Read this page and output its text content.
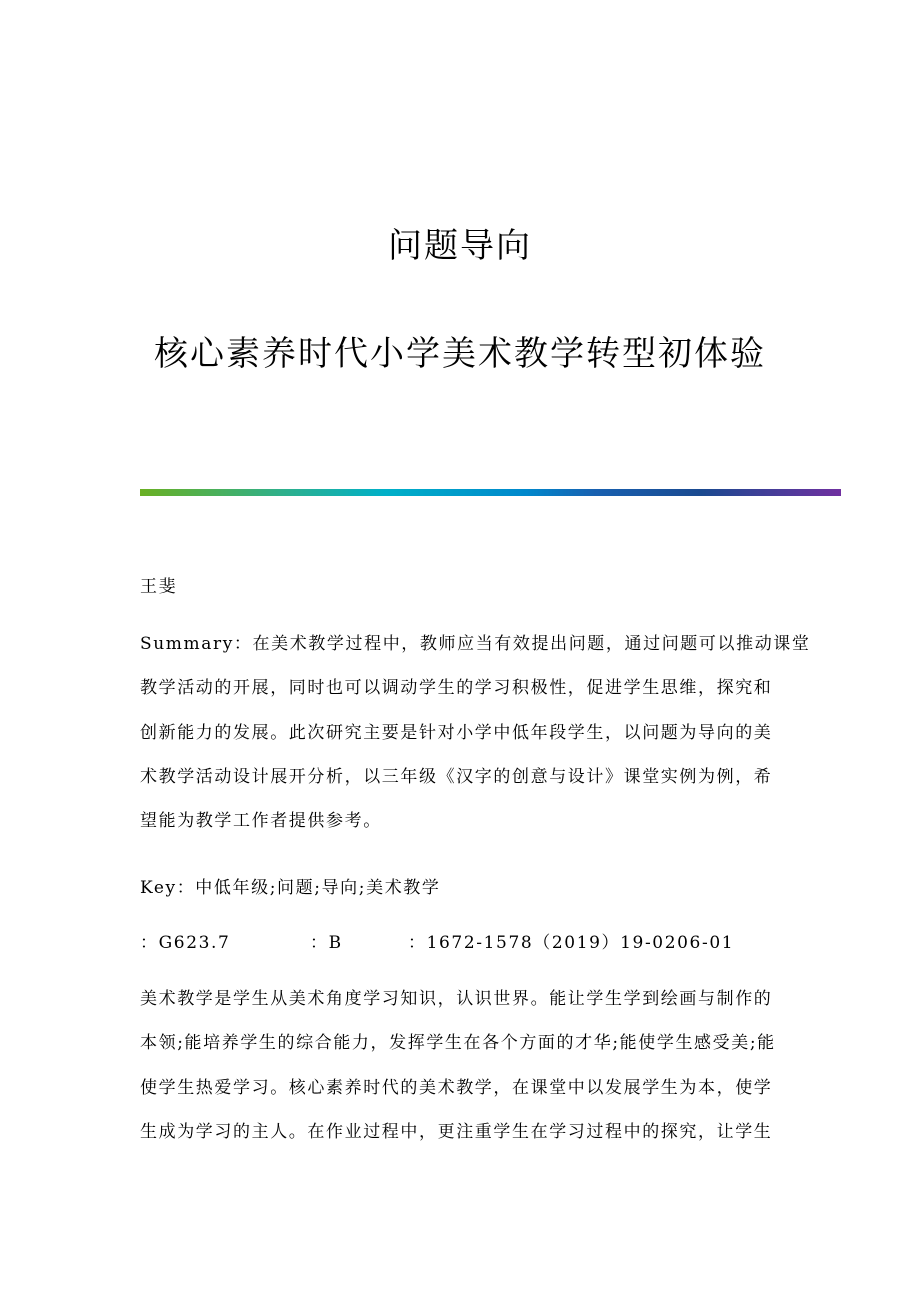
问题导向
核心素养时代小学美术教学转型初体验
王斐
Summary：在美术教学过程中，教师应当有效提出问题，通过问题可以推动课堂
教学活动的开展，同时也可以调动学生的学习积极性，促进学生思维，探究和
创新能力的发展。此次研究主要是针对小学中低年段学生，以问题为导向的美
术教学活动设计展开分析，以三年级《汉字的创意与设计》课堂实例为例，希
望能为教学工作者提供参考。
Key：中低年级;问题;导向;美术教学
：G623.7	：B	：1672-1578（2019）19-0206-01
美术教学是学生从美术角度学习知识，认识世界。能让学生学到绘画与制作的
本领;能培养学生的综合能力，发挥学生在各个方面的才华;能使学生感受美;能
使学生热爱学习。核心素养时代的美术教学，在课堂中以发展学生为本，使学
生成为学习的主人。在作业过程中，更注重学生在学习过程中的探究，让学生
